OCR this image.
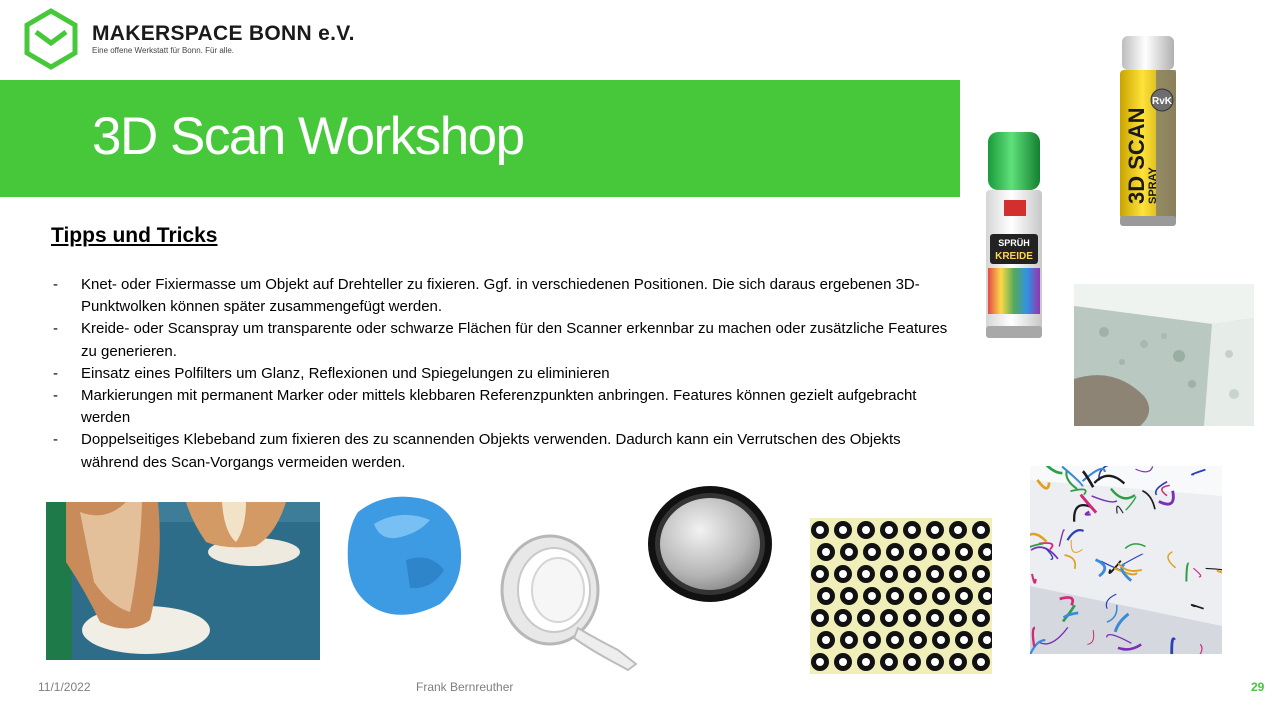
MAKERSPACE BONN e.V.
Eine offene Werkstatt für Bonn. Für alle.
3D Scan Workshop
Tipps und Tricks
- Knet- oder Fixiermasse um Objekt auf Drehteller zu fixieren. Ggf. in verschiedenen Positionen. Die sich daraus ergebenen 3D-Punktwolken können später zusammengefügt werden.
- Kreide- oder Scanspray um transparente oder schwarze Flächen für den Scanner erkennbar zu machen oder zusätzliche Features zu generieren.
- Einsatz eines Polfilters um Glanz, Reflexionen und Spiegelungen zu eliminieren
- Markierungen mit permanent Marker oder mittels klebbaren Referenzpunkten anbringen. Features können gezielt aufgebracht werden
- Doppelseitiges Klebeband zum fixieren des zu scannenden Objekts verwenden. Dadurch kann ein Verrutschen des Objekts während des Scan-Vorgangs vermeiden werden.
RvK
3D SCAN
SPRAY
SPRÜH
KREIDE
11/1/2022	Frank Bernreuther	29
